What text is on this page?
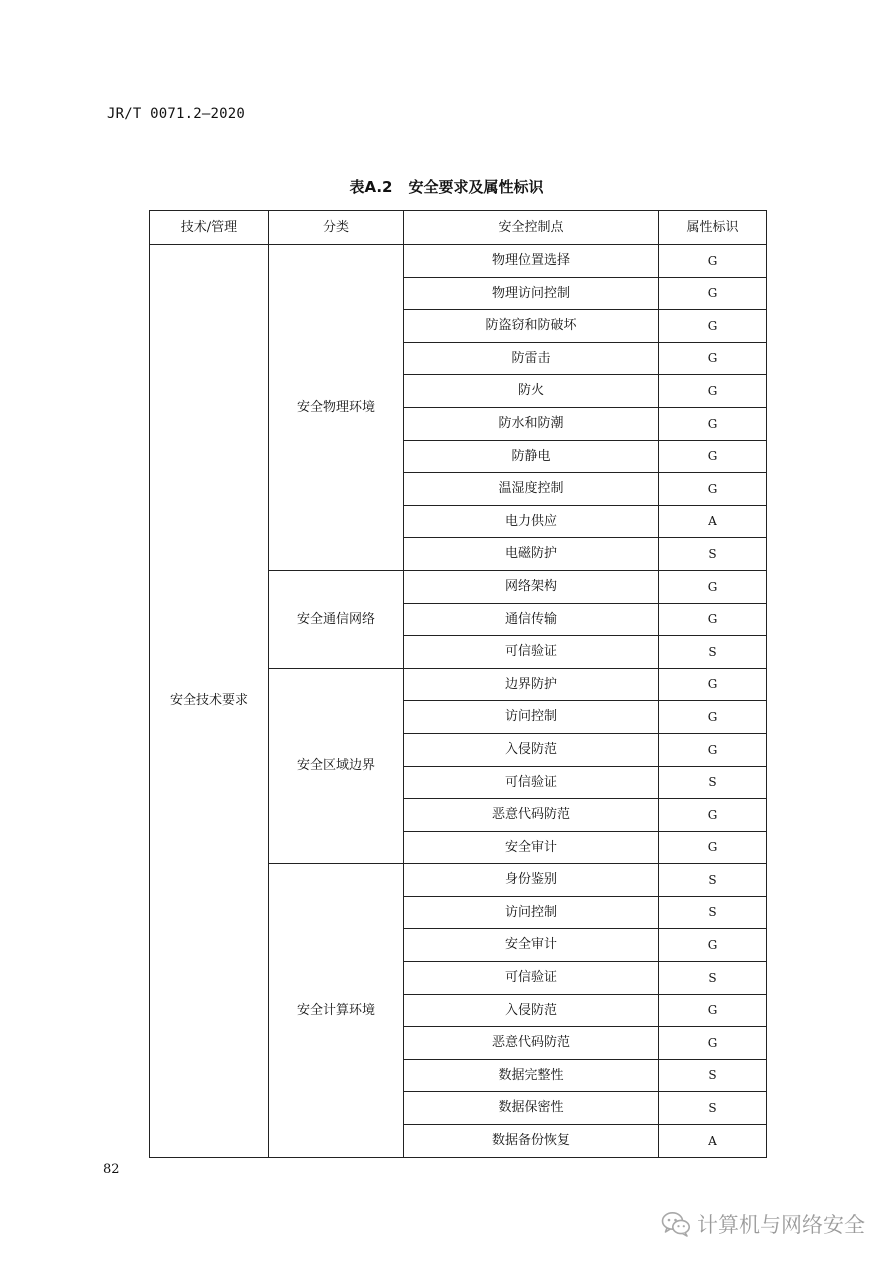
JR/T 0071.2—2020
表A.2 安全要求及属性标识
技术/管理	分类	安全控制点	属性标识
安全技术要求	安全物理环境	物理位置选择	G
		物理访问控制	G
		防盗窃和防破坏	G
		防雷击	G
		防火	G
		防水和防潮	G
		防静电	G
		温湿度控制	G
		电力供应	A
		电磁防护	S
	安全通信网络	网络架构	G
		通信传输	G
		可信验证	S
	安全区域边界	边界防护	G
		访问控制	G
		入侵防范	G
		可信验证	S
		恶意代码防范	G
		安全审计	G
	安全计算环境	身份鉴别	S
		访问控制	S
		安全审计	G
		可信验证	S
		入侵防范	G
		恶意代码防范	G
		数据完整性	S
		数据保密性	S
		数据备份恢复	A
82
计算机与网络安全
